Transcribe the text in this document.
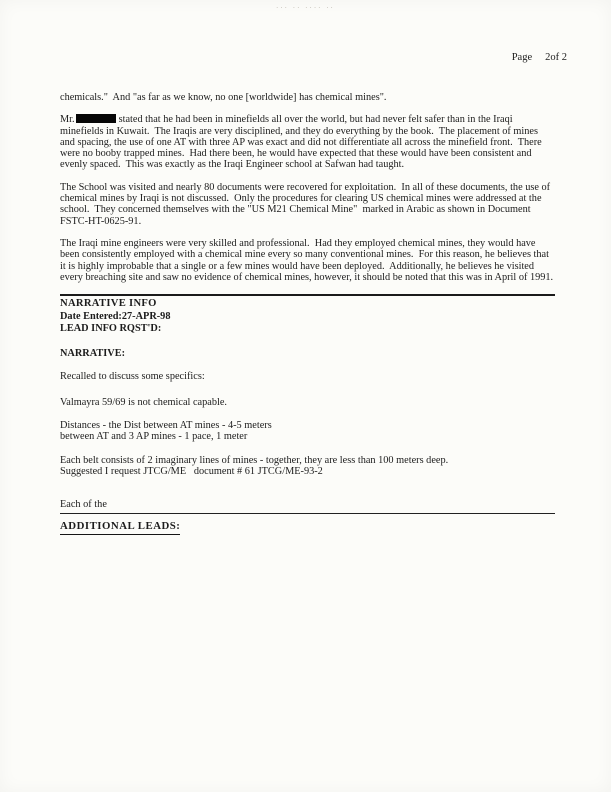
··· ·· ···· ··
Page 2of 2

chemicals."  And "as far as we know, no one [worldwide] has chemical mines".

Mr.	stated that he had been in minefields all over the world, but had never felt safer than in the Iraqi minefields in Kuwait.  The Iraqis are very disciplined, and they do everything by the book.  The placement of mines and spacing, the use of one AT with three AP was exact and did not differentiate all across the minefield front.  There were no booby trapped mines.  Had there been, he would have expected that these would have been consistent and evenly spaced.  This was exactly as the Iraqi Engineer school at Safwan had taught.

The School was visited and nearly 80 documents were recovered for exploitation.  In all of these documents, the use of chemical mines by Iraqi is not discussed.  Only the procedures for clearing US chemical mines were addressed at the school.  They concerned themselves with the "US M21 Chemical Mine"  marked in Arabic as shown in Document FSTC-HT-0625-91.

The Iraqi mine engineers were very skilled and professional.  Had they employed chemical mines, they would have been consistently employed with a chemical mine every so many conventional mines.  For this reason, he believes that it is highly improbable that a single or a few mines would have been deployed.  Additionally, he believes he visited every breaching site and saw no evidence of chemical mines, however, it should be noted that this was in April of 1991.

NARRATIVE INFO
Date Entered:27-APR-98
LEAD INFO RQST'D:
NARRATIVE:
Recalled to discuss some specifics:
Valmayra 59/69 is not chemical capable.
Distances - the Dist between AT mines - 4-5 meters
between AT and 3 AP mines - 1 pace, 1 meter
Each belt consists of 2 imaginary lines of mines - together, they are less than 100 meters deep.
Suggested I request JTCG/ME   document # 61 JTCG/ME-93-2
Each of the
ADDITIONAL LEADS:
